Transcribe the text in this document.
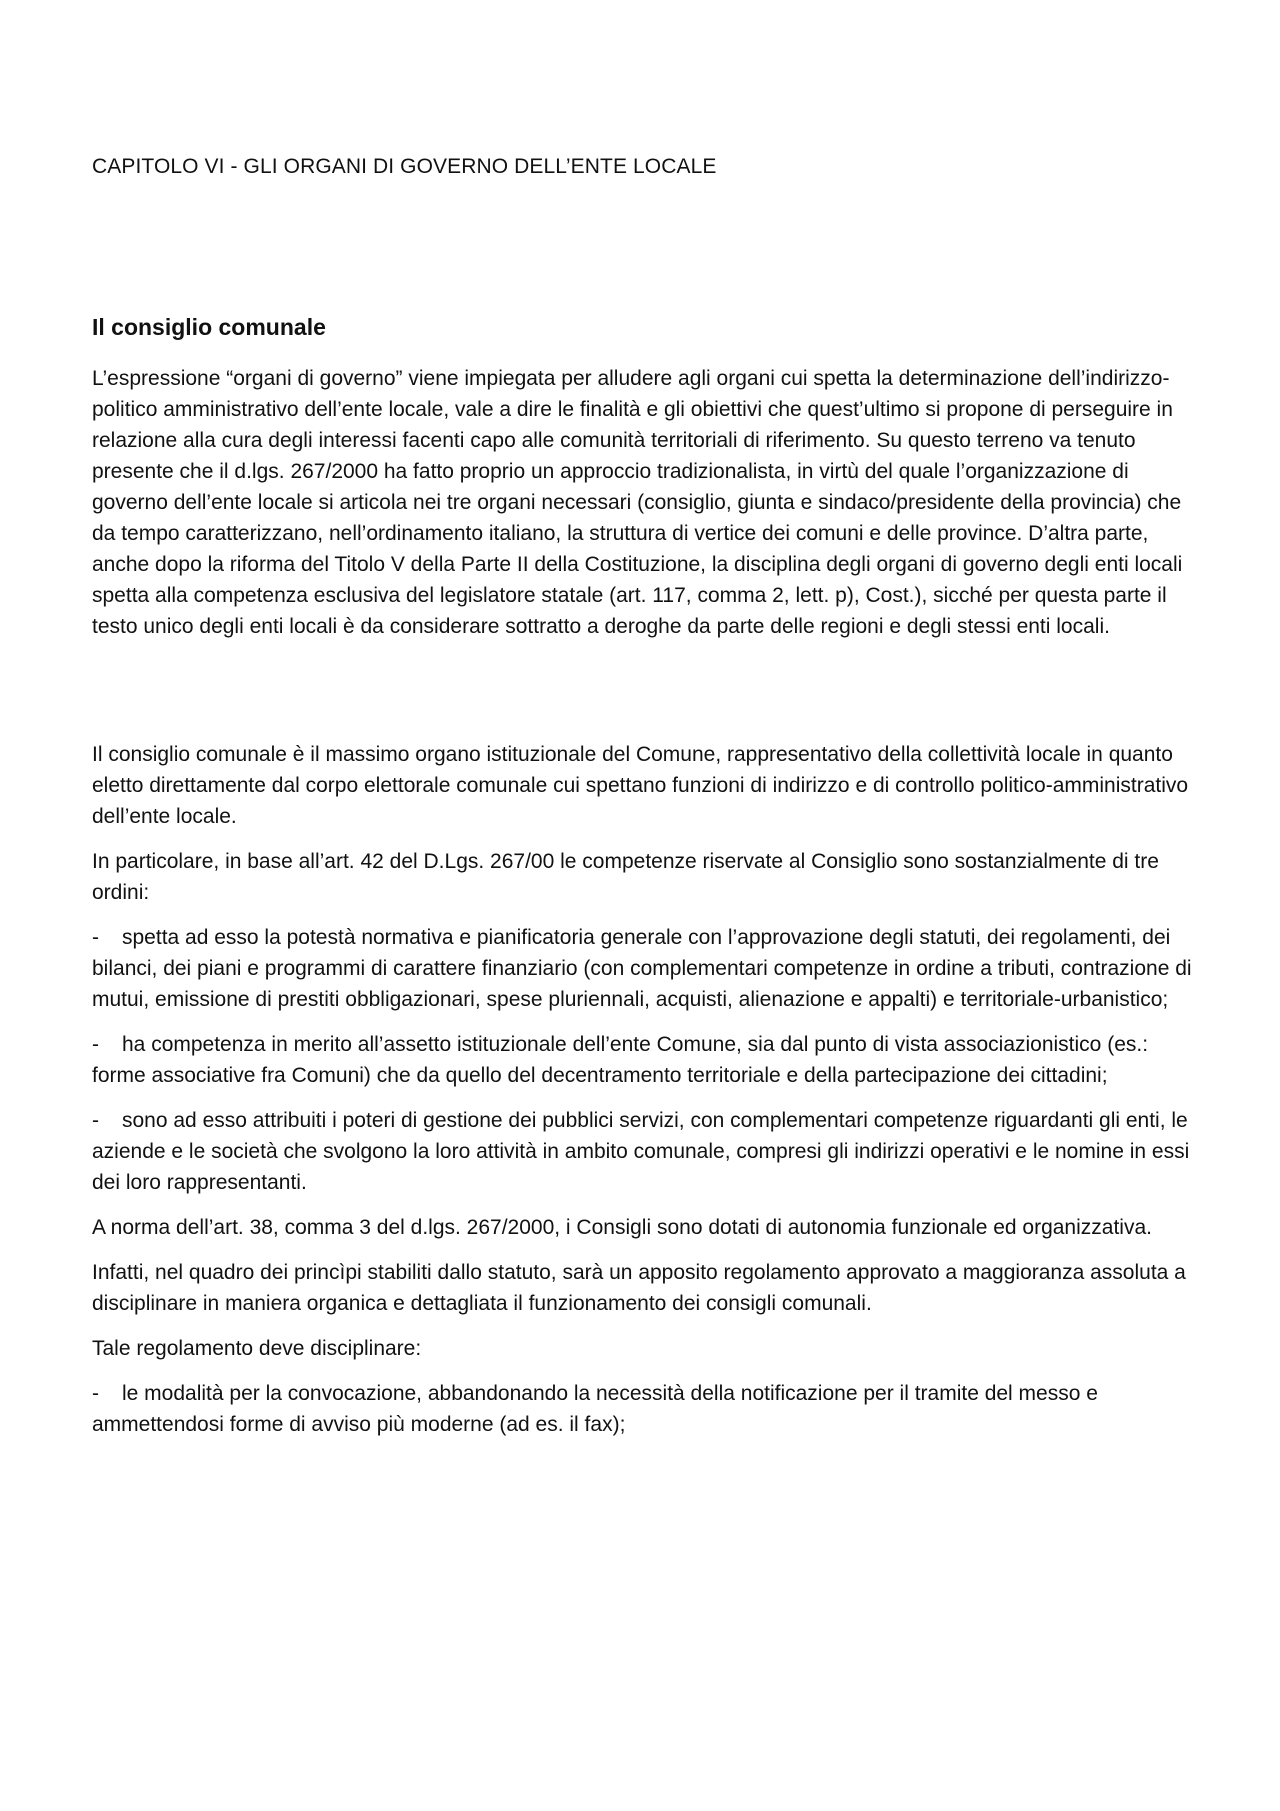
CAPITOLO VI - GLI ORGANI DI GOVERNO DELL’ENTE LOCALE
Il consiglio comunale

L’espressione “organi di governo” viene impiegata per alludere agli organi cui spetta la determinazione dell’indirizzo-politico amministrativo dell’ente locale, vale a dire le finalità e gli obiettivi che quest’ultimo si propone di perseguire in relazione alla cura degli interessi facenti capo alle comunità territoriali di riferimento. Su questo terreno va tenuto presente che il d.lgs. 267/2000 ha fatto proprio un approccio tradizionalista, in virtù del quale l’organizzazione di governo dell’ente locale si articola nei tre organi necessari (consiglio, giunta e sindaco/presidente della provincia) che da tempo caratterizzano, nell’ordinamento italiano, la struttura di vertice dei comuni e delle province. D’altra parte, anche dopo la riforma del Titolo V della Parte II della Costituzione, la disciplina degli organi di governo degli enti locali spetta alla competenza esclusiva del legislatore statale (art. 117, comma 2, lett. p), Cost.), sicché per questa parte il testo unico degli enti locali è da considerare sottratto a deroghe da parte delle regioni e degli stessi enti locali.

Il consiglio comunale è il massimo organo istituzionale del Comune, rappresentativo della collettività locale in quanto eletto direttamente dal corpo elettorale comunale cui spettano funzioni di indirizzo e di controllo politico-amministrativo dell’ente locale.

In particolare, in base all’art. 42 del D.Lgs. 267/00 le competenze riservate al Consiglio sono sostanzialmente di tre ordini:

- spetta ad esso la potestà normativa e pianificatoria generale con l’approvazione degli statuti, dei regolamenti, dei bilanci, dei piani e programmi di carattere finanziario (con complementari competenze in ordine a tributi, contrazione di mutui, emissione di prestiti obbligazionari, spese pluriennali, acquisti, alienazione e appalti) e territoriale-urbanistico;

- ha competenza in merito all’assetto istituzionale dell’ente Comune, sia dal punto di vista associazionistico (es.: forme associative fra Comuni) che da quello del decentramento territoriale e della partecipazione dei cittadini;

- sono ad esso attribuiti i poteri di gestione dei pubblici servizi, con complementari competenze riguardanti gli enti, le aziende e le società che svolgono la loro attività in ambito comunale, compresi gli indirizzi operativi e le nomine in essi dei loro rappresentanti.

A norma dell’art. 38, comma 3 del d.lgs. 267/2000, i Consigli sono dotati di autonomia funzionale ed organizzativa.

Infatti, nel quadro dei princìpi stabiliti dallo statuto, sarà un apposito regolamento approvato a maggioranza assoluta a disciplinare in maniera organica e dettagliata il funzionamento dei consigli comunali.

Tale regolamento deve disciplinare:

- le modalità per la convocazione, abbandonando la necessità della notificazione per il tramite del messo e ammettendosi forme di avviso più moderne (ad es. il fax);
